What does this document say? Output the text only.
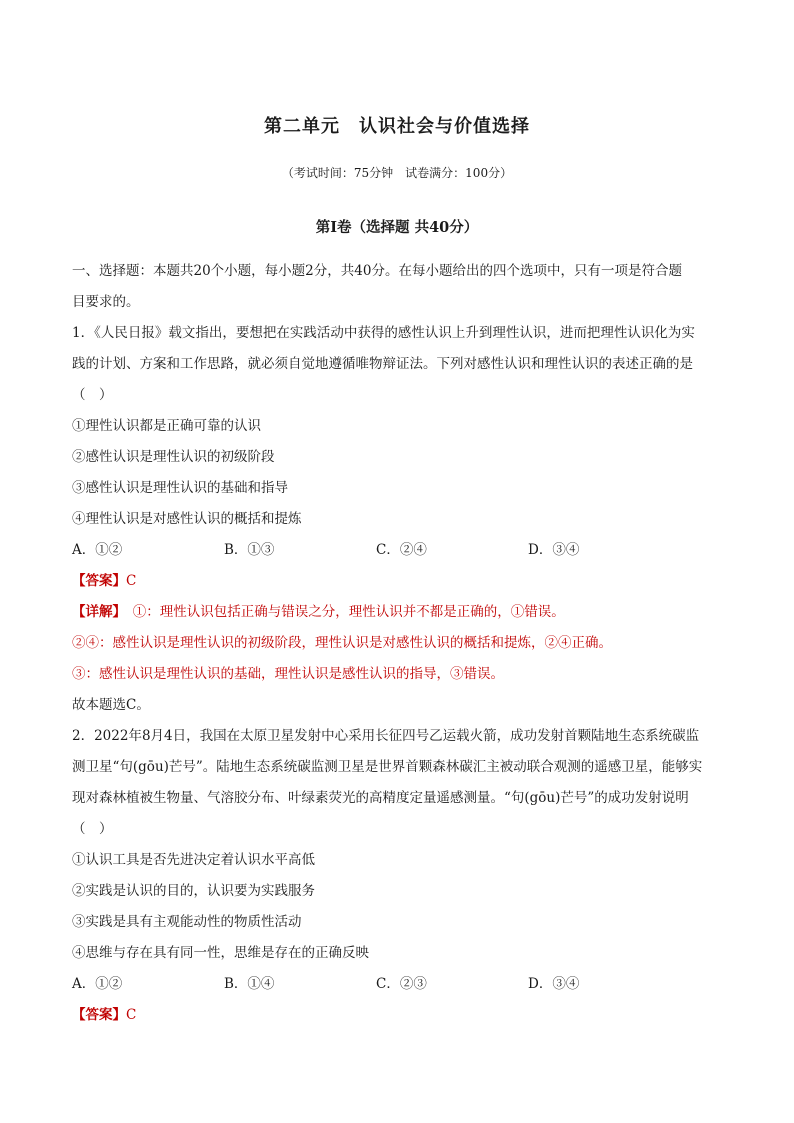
第二单元　认识社会与价值选择
（考试时间：75分钟　试卷满分：100分）
第Ⅰ卷（选择题 共40分）
一、选择题：本题共20个小题，每小题2分，共40分。在每小题给出的四个选项中，只有一项是符合题
目要求的。
1．《人民日报》载文指出，要想把在实践活动中获得的感性认识上升到理性认识，进而把理性认识化为实
践的计划、方案和工作思路，就必须自觉地遵循唯物辩证法。下列对感性认识和理性认识的表述正确的是
（　）
①理性认识都是正确可靠的认识
②感性认识是理性认识的初级阶段
③感性认识是理性认识的基础和指导
④理性认识是对感性认识的概括和提炼
A．①②	B．①③	C．②④	D．③④
【答案】C
【详解】  ①：理性认识包括正确与错误之分，理性认识并不都是正确的，①错误。
②④：感性认识是理性认识的初级阶段，理性认识是对感性认识的概括和提炼，②④正确。
③：感性认识是理性认识的基础，理性认识是感性认识的指导，③错误。
故本题选C。
2．2022年8月4日，我国在太原卫星发射中心采用长征四号乙运载火箭，成功发射首颗陆地生态系统碳监
测卫星“句(gōu)芒号”。陆地生态系统碳监测卫星是世界首颗森林碳汇主被动联合观测的遥感卫星，能够实
现对森林植被生物量、气溶胶分布、叶绿素荧光的高精度定量遥感测量。“句(gōu)芒号”的成功发射说明
（　）
①认识工具是否先进决定着认识水平高低
②实践是认识的目的，认识要为实践服务
③实践是具有主观能动性的物质性活动
④思维与存在具有同一性，思维是存在的正确反映
A．①②	B．①④	C．②③	D．③④
【答案】C
